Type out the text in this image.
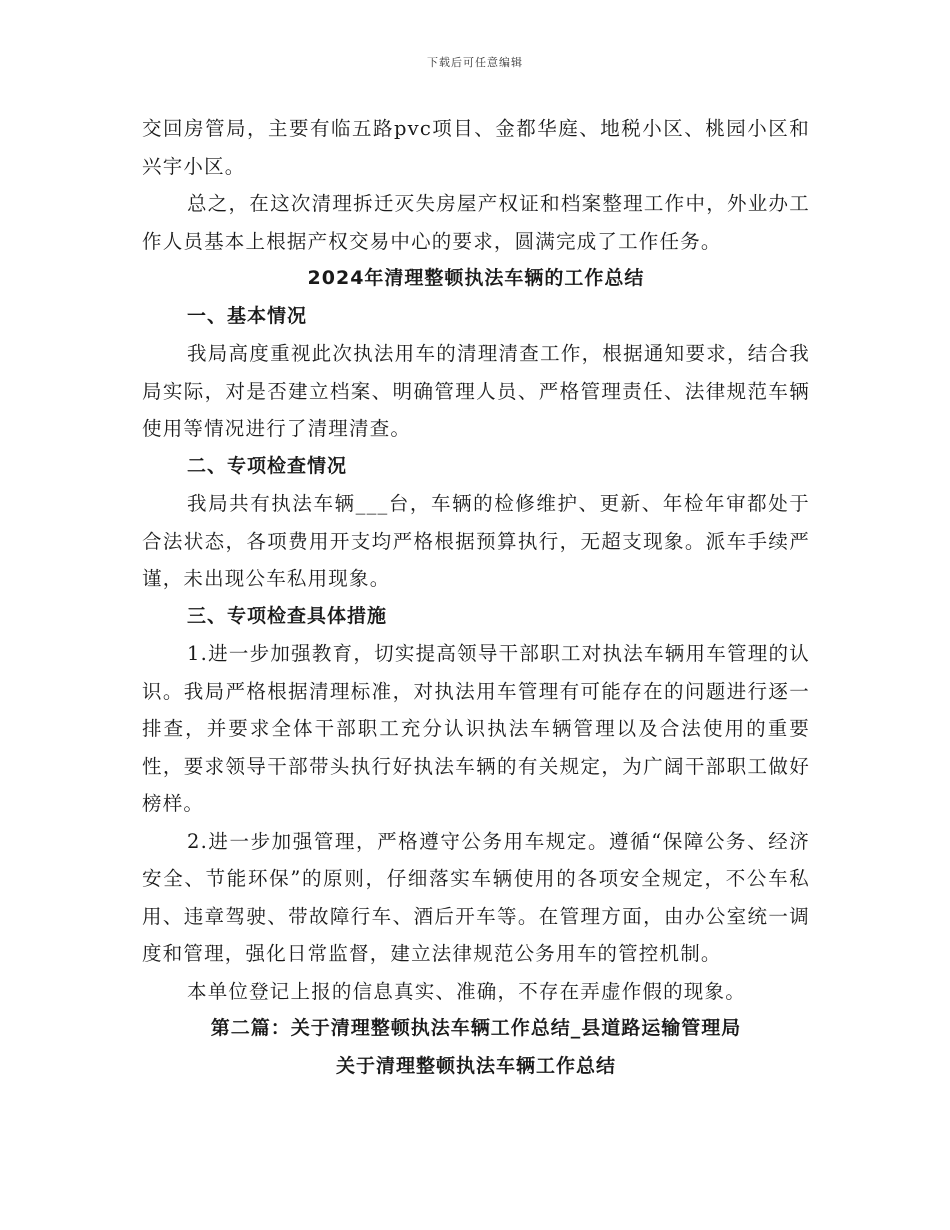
下载后可任意编辑

交回房管局，主要有临五路pvc项目、金都华庭、地税小区、桃园小区和兴宇小区。

总之，在这次清理拆迁灭失房屋产权证和档案整理工作中，外业办工作人员基本上根据产权交易中心的要求，圆满完成了工作任务。

2024年清理整顿执法车辆的工作总结

一、基本情况

我局高度重视此次执法用车的清理清查工作，根据通知要求，结合我局实际，对是否建立档案、明确管理人员、严格管理责任、法律规范车辆使用等情况进行了清理清查。

二、专项检查情况

我局共有执法车辆___台，车辆的检修维护、更新、年检年审都处于合法状态，各项费用开支均严格根据预算执行，无超支现象。派车手续严谨，未出现公车私用现象。

三、专项检查具体措施

1.进一步加强教育，切实提高领导干部职工对执法车辆用车管理的认识。我局严格根据清理标准，对执法用车管理有可能存在的问题进行逐一排查，并要求全体干部职工充分认识执法车辆管理以及合法使用的重要性，要求领导干部带头执行好执法车辆的有关规定，为广阔干部职工做好榜样。

2.进一步加强管理，严格遵守公务用车规定。遵循“保障公务、经济安全、节能环保”的原则，仔细落实车辆使用的各项安全规定，不公车私用、违章驾驶、带故障行车、酒后开车等。在管理方面，由办公室统一调度和管理，强化日常监督，建立法律规范公务用车的管控机制。

本单位登记上报的信息真实、准确，不存在弄虚作假的现象。

第二篇：关于清理整顿执法车辆工作总结_县道路运输管理局

关于清理整顿执法车辆工作总结
